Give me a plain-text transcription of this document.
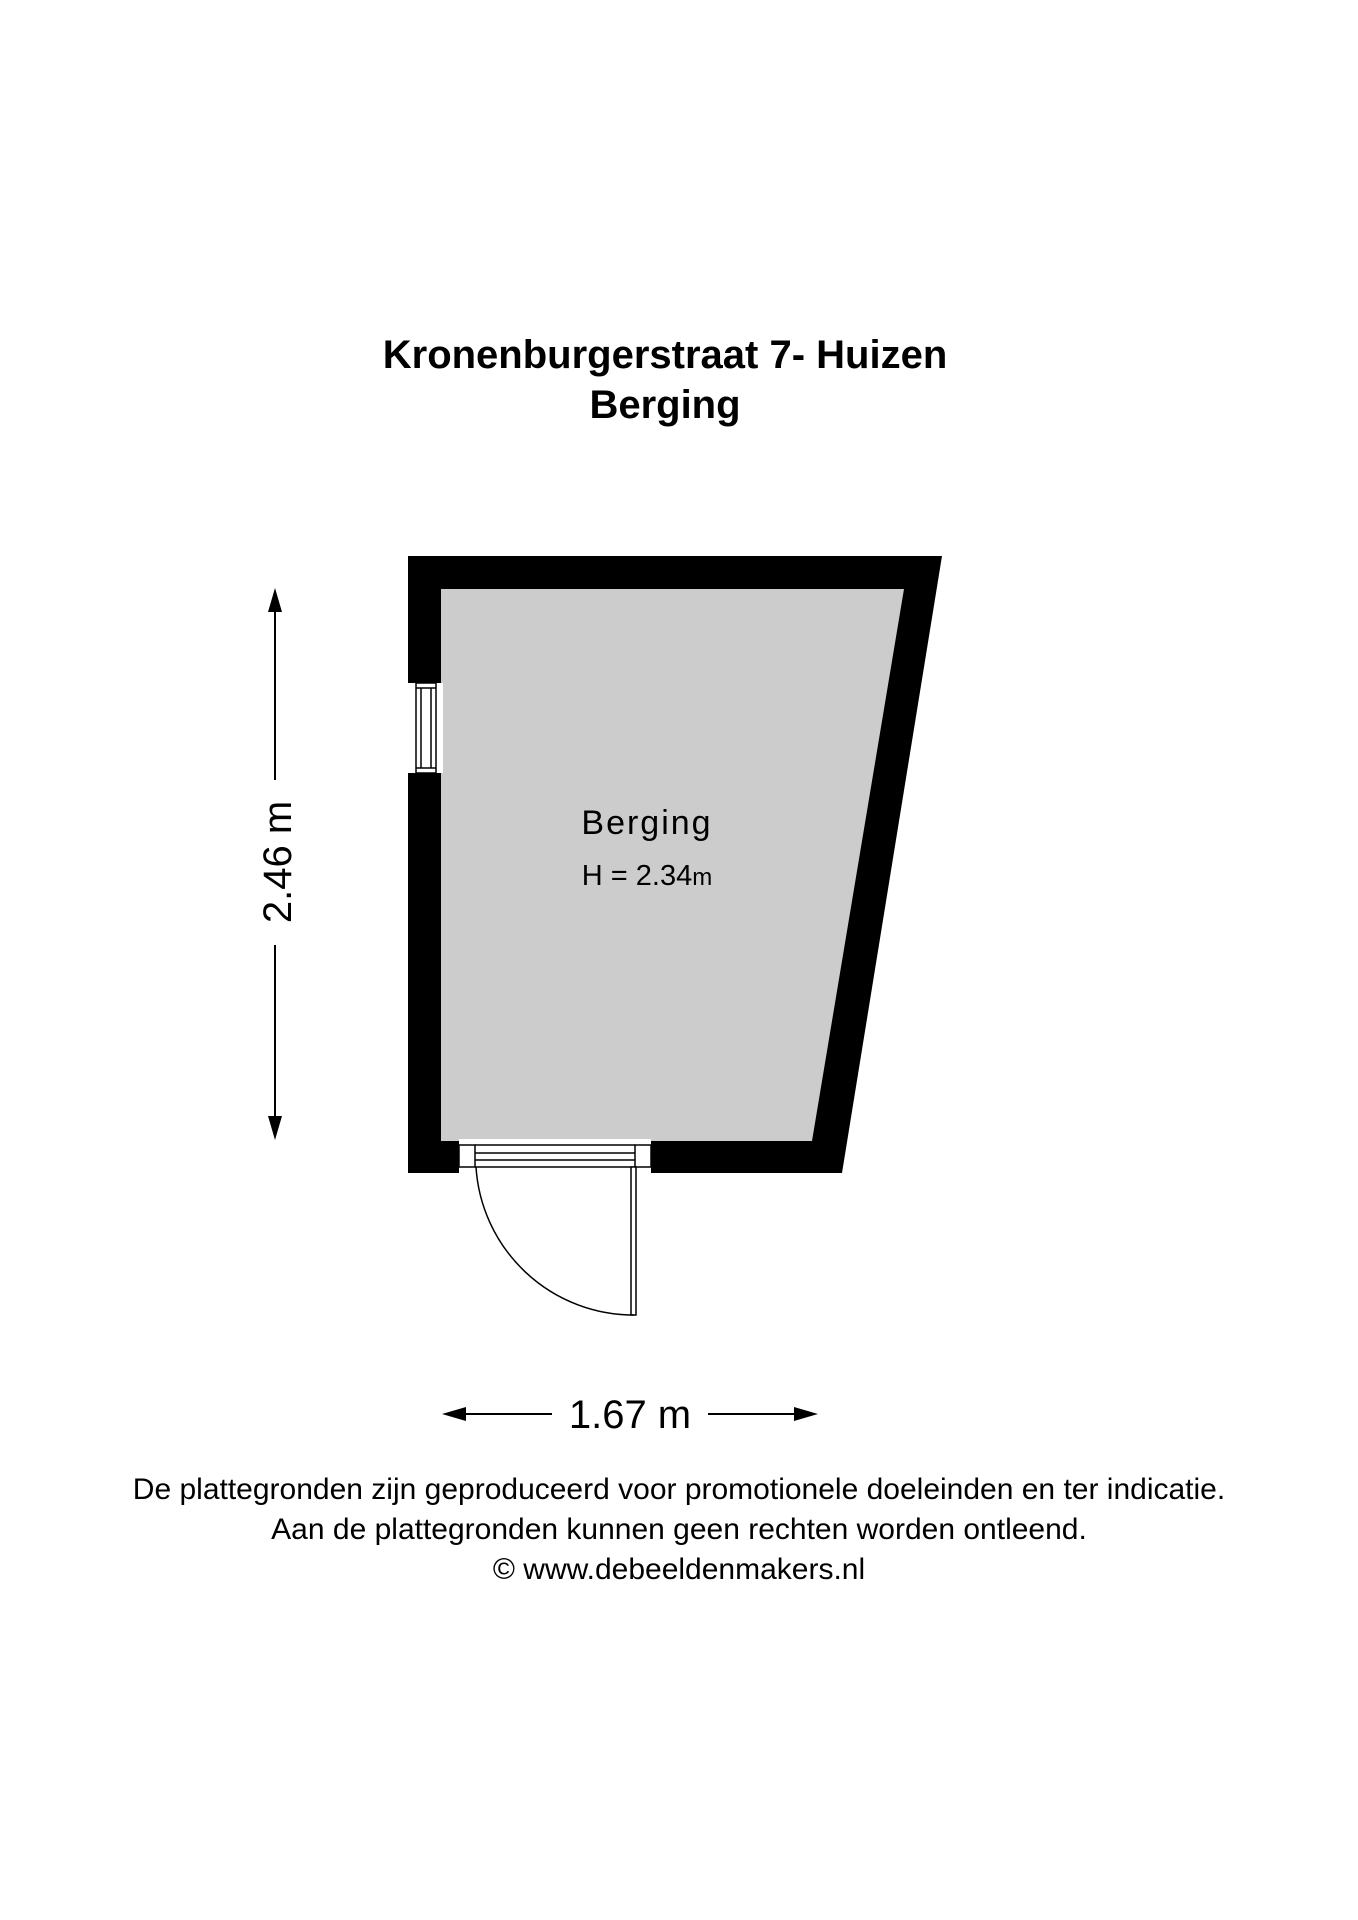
Kronenburgerstraat 7- Huizen

Berging

Berging
H = 2.34m
2.46 m
1.67 m

De plattegronden zijn geproduceerd voor promotionele doeleinden en ter indicatie.

Aan de plattegronden kunnen geen rechten worden ontleend.

© www.debeeldenmakers.nl
